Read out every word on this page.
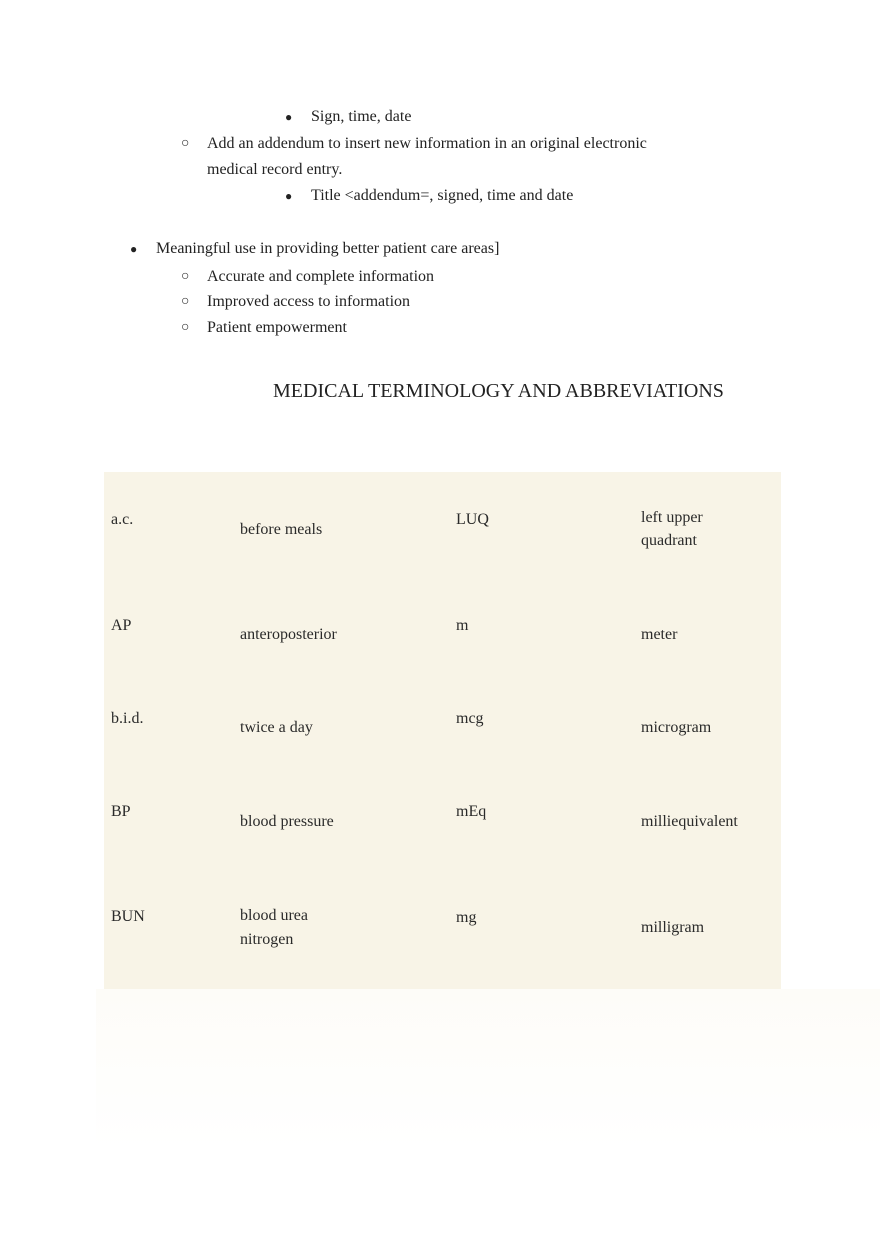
● Sign, time, date
○ Add an addendum to insert new information in an original electronic
medical record entry.
● Title <addendum=, signed, time and date
● Meaningful use in providing better patient care areas]
○ Accurate and complete information
○ Improved access to information
○ Patient empowerment
MEDICAL TERMINOLOGY AND ABBREVIATIONS
a.c.
before meals
LUQ	left upper
quadrant
AP
anteroposterior
m
meter
b.i.d.
twice a day
mcg
microgram
BP
blood pressure
mEq
milliequivalent
BUN	blood urea
nitrogen
mg
milligram
